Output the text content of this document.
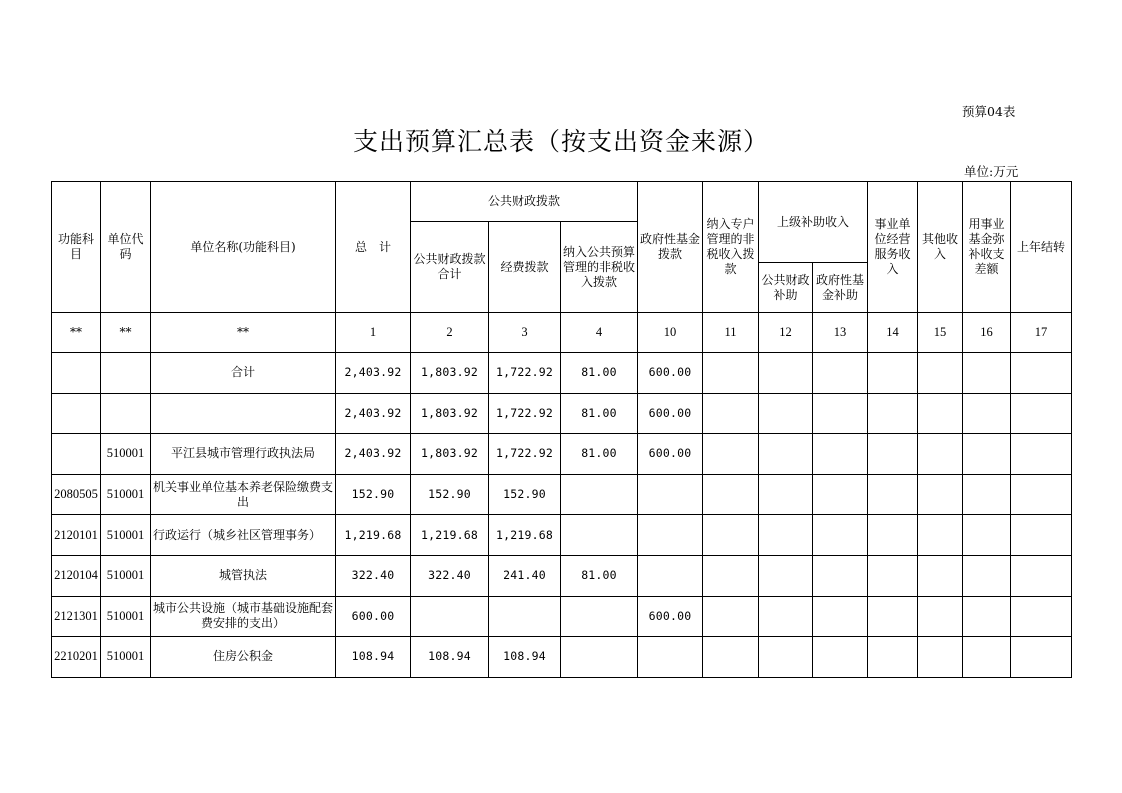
预算04表
支出预算汇总表（按支出资金来源）
单位:万元
功能科目	单位代码	单位名称(功能科目)	总　计	公共财政拨款			政府性基金拨款	纳入专户管理的非税收入拨款	上级补助收入		事业单位经营服务收入	其他收入	用事业基金弥补收支差额	上年结转
				公共财政拨款合计	经费拨款	纳入公共预算管理的非税收入拨款								
									公共财政补助	政府性基金补助				
**	**	**	1	2	3	4	10	11	12	13	14	15	16	17
		合计	2,403.92	1,803.92	1,722.92	81.00	600.00							
			2,403.92	1,803.92	1,722.92	81.00	600.00							
	510001	平江县城市管理行政执法局	2,403.92	1,803.92	1,722.92	81.00	600.00							
2080505	510001	机关事业单位基本养老保险缴费支出	152.90	152.90	152.90									
2120101	510001	行政运行（城乡社区管理事务）	1,219.68	1,219.68	1,219.68									
2120104	510001	城管执法	322.40	322.40	241.40	81.00								
2121301	510001	城市公共设施（城市基础设施配套费安排的支出）	600.00				600.00							
2210201	510001	住房公积金	108.94	108.94	108.94									
